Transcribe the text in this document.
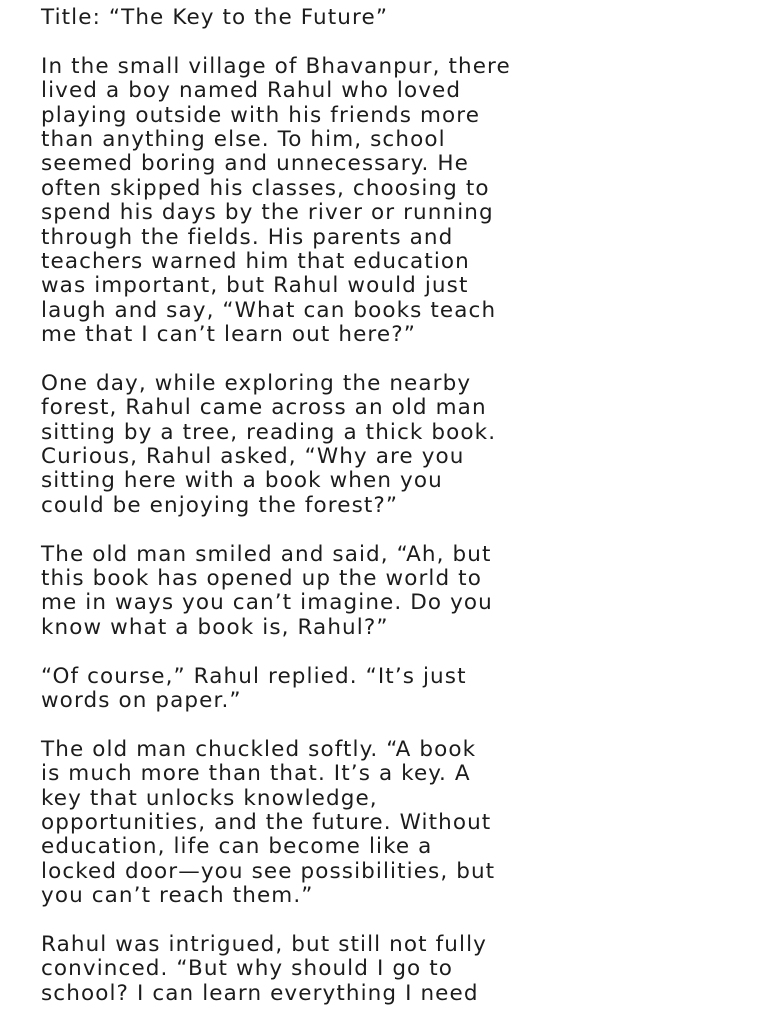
Title: “The Key to the Future”
In the small village of Bhavanpur, there
lived a boy named Rahul who loved
playing outside with his friends more
than anything else. To him, school
seemed boring and unnecessary. He
often skipped his classes, choosing to
spend his days by the river or running
through the fields. His parents and
teachers warned him that education
was important, but Rahul would just
laugh and say, “What can books teach
me that I can’t learn out here?”
One day, while exploring the nearby
forest, Rahul came across an old man
sitting by a tree, reading a thick book.
Curious, Rahul asked, “Why are you
sitting here with a book when you
could be enjoying the forest?”
The old man smiled and said, “Ah, but
this book has opened up the world to
me in ways you can’t imagine. Do you
know what a book is, Rahul?”
“Of course,” Rahul replied. “It’s just
words on paper.”
The old man chuckled softly. “A book
is much more than that. It’s a key. A
key that unlocks knowledge,
opportunities, and the future. Without
education, life can become like a
locked door—you see possibilities, but
you can’t reach them.”
Rahul was intrigued, but still not fully
convinced. “But why should I go to
school? I can learn everything I need
